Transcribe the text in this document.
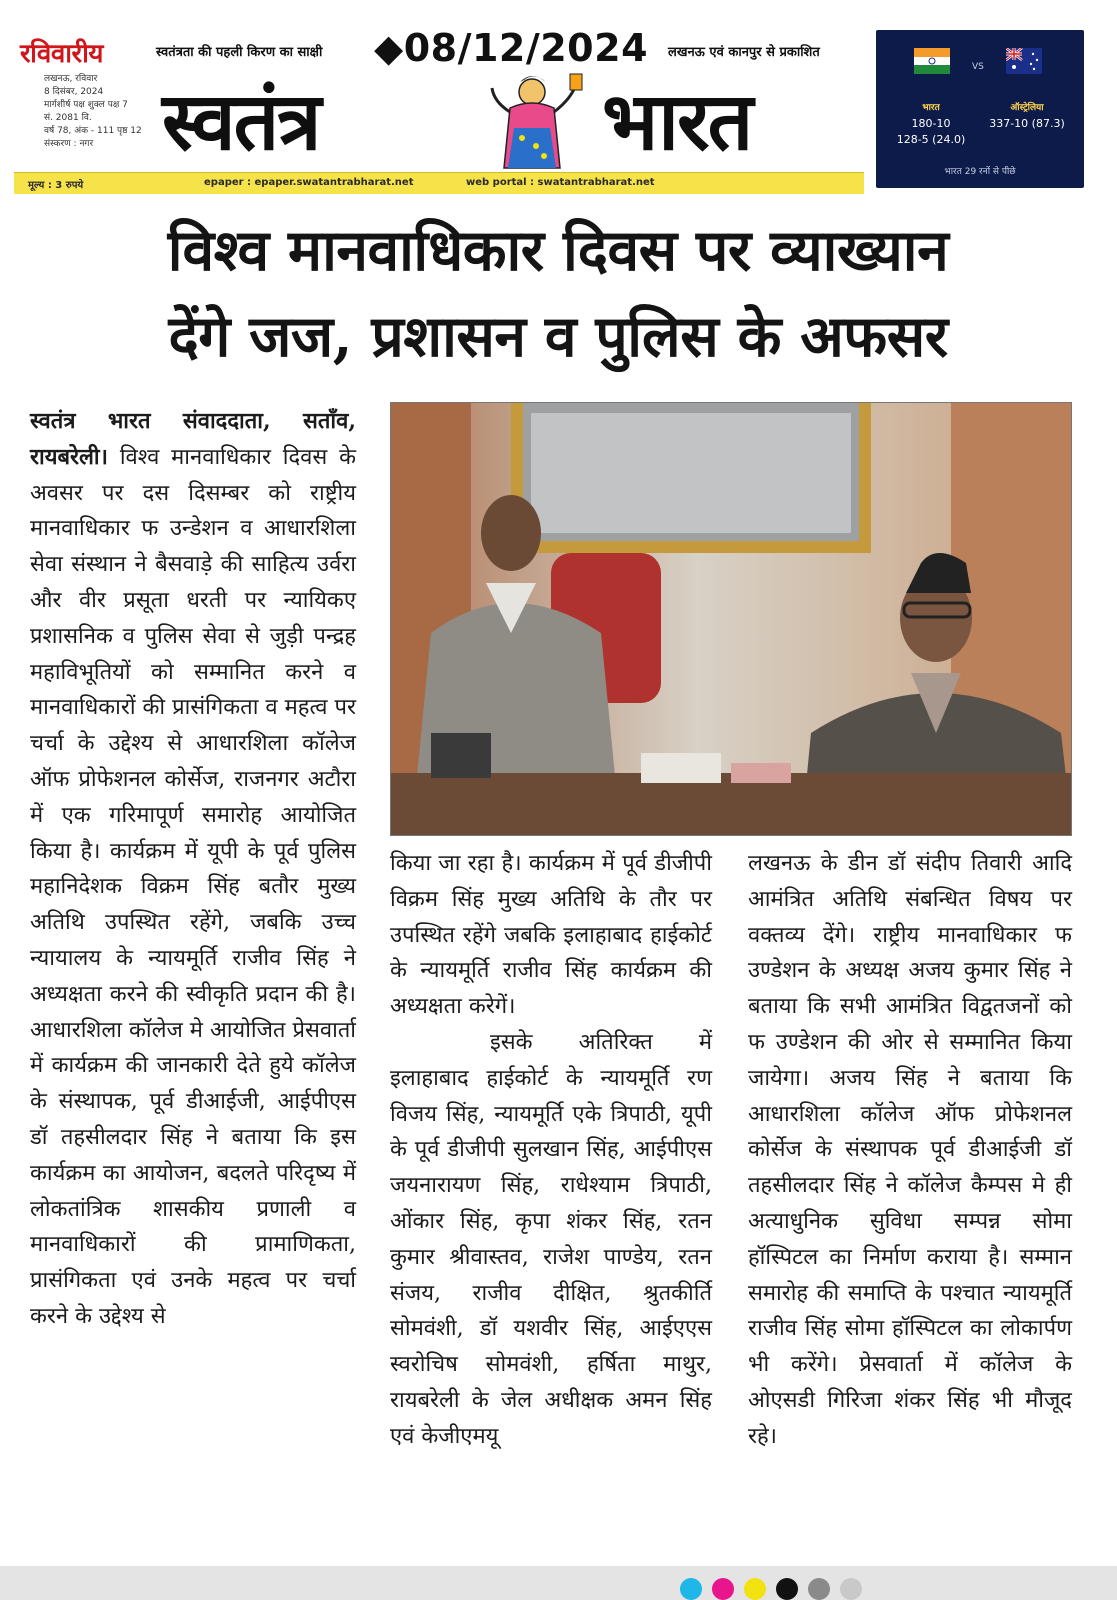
रविवारीय
लखनऊ, रविवार
8 दिसंबर, 2024
मार्गशीर्ष पक्ष शुक्ल पक्ष 7
सं. 2081 वि.
वर्ष 78, अंक - 111 पृष्ठ 12
संस्करण : नगर
स्वतंत्रता की पहली किरण का साक्षी ◆08/12/2024 लखनऊ एवं कानपुर से प्रकाशित
स्वतंत्र	भारत
मूल्य : 3 रुपये	epaper : epaper.swatantrabharat.net	web portal : swatantrabharat.net
VS
भारत	ऑस्ट्रेलिया
180-10
128-5 (24.0)
337-10 (87.3)
भारत 29 रनों से पीछे
विश्व मानवाधिकार दिवस पर व्याख्यान
देंगे जज, प्रशासन व पुलिस के अफसर

स्वतंत्र भारत संवाददाता, सताँव, रायबरेली। विश्व मानवाधिकार दिवस के अवसर पर दस दिसम्बर को राष्ट्रीय मानवाधिकार फ उन्डेशन व आधारशिला सेवा संस्थान ने बैसवाड़े की साहित्य उर्वरा और वीर प्रसूता धरती पर न्यायिकए प्रशासनिक व पुलिस सेवा से जुड़ी पन्द्रह महाविभूतियों को सम्मानित करने व मानवाधिकारों की प्रासंगिकता व महत्व पर चर्चा के उद्देश्य से आधारशिला कॉलेज ऑफ प्रोफेशनल कोर्सेज, राजनगर अटौरा में एक गरिमापूर्ण समारोह आयोजित किया है। कार्यक्रम में यूपी के पूर्व पुलिस महानिदेशक विक्रम सिंह बतौर मुख्य अतिथि उपस्थित रहेंगे, जबकि उच्च न्यायालय के न्यायमूर्ति राजीव सिंह ने अध्यक्षता करने की स्वीकृति प्रदान की है। आधारशिला कॉलेज मे आयोजित प्रेसवार्ता में कार्यक्रम की जानकारी देते हुये कॉलेज के संस्थापक, पूर्व डीआईजी, आईपीएस डॉ तहसीलदार सिंह ने बताया कि इस कार्यक्रम का आयोजन, बदलते परिदृष्य में लोकतांत्रिक शासकीय प्रणाली व मानवाधिकारों की प्रामाणिकता, प्रासंगिकता एवं उनके महत्व पर चर्चा करने के उद्देश्य से

किया जा रहा है। कार्यक्रम में पूर्व डीजीपी विक्रम सिंह मुख्य अतिथि के तौर पर उपस्थित रहेंगे जबकि इलाहाबाद हाईकोर्ट के न्यायमूर्ति राजीव सिंह कार्यक्रम की अध्यक्षता करेगें।

इसके अतिरिक्त में इलाहाबाद हाईकोर्ट के न्यायमूर्ति रण विजय सिंह, न्यायमूर्ति एके त्रिपाठी, यूपी के पूर्व डीजीपी सुलखान सिंह, आईपीएस जयनारायण सिंह, राधेश्याम त्रिपाठी, ओंकार सिंह, कृपा शंकर सिंह, रतन कुमार श्रीवास्तव, राजेश पाण्डेय, रतन संजय, राजीव दीक्षित, श्रुतकीर्ति सोमवंशी, डॉ यशवीर सिंह, आईएएस स्वरोचिष सोमवंशी, हर्षिता माथुर, रायबरेली के जेल अधीक्षक अमन सिंह एवं केजीएमयू

लखनऊ के डीन डॉ संदीप तिवारी आदि आमंत्रित अतिथि संबन्धित विषय पर वक्तव्य देंगे। राष्ट्रीय मानवाधिकार फ उण्डेशन के अध्यक्ष अजय कुमार सिंह ने बताया कि सभी आमंत्रित विद्वतजनों को फ उण्डेशन की ओर से सम्मानित किया जायेगा। अजय सिंह ने बताया कि आधारशिला कॉलेज ऑफ प्रोफेशनल कोर्सेज के संस्थापक पूर्व डीआईजी डॉ तहसीलदार सिंह ने कॉलेज कैम्पस मे ही अत्याधुनिक सुविधा सम्पन्न सोमा हॉस्पिटल का निर्माण कराया है। सम्मान समारोह की समाप्ति के पश्चात न्यायमूर्ति राजीव सिंह सोमा हॉस्पिटल का लोकार्पण भी करेंगे। प्रेसवार्ता में कॉलेज के ओएसडी गिरिजा शंकर सिंह भी मौजूद रहे।
